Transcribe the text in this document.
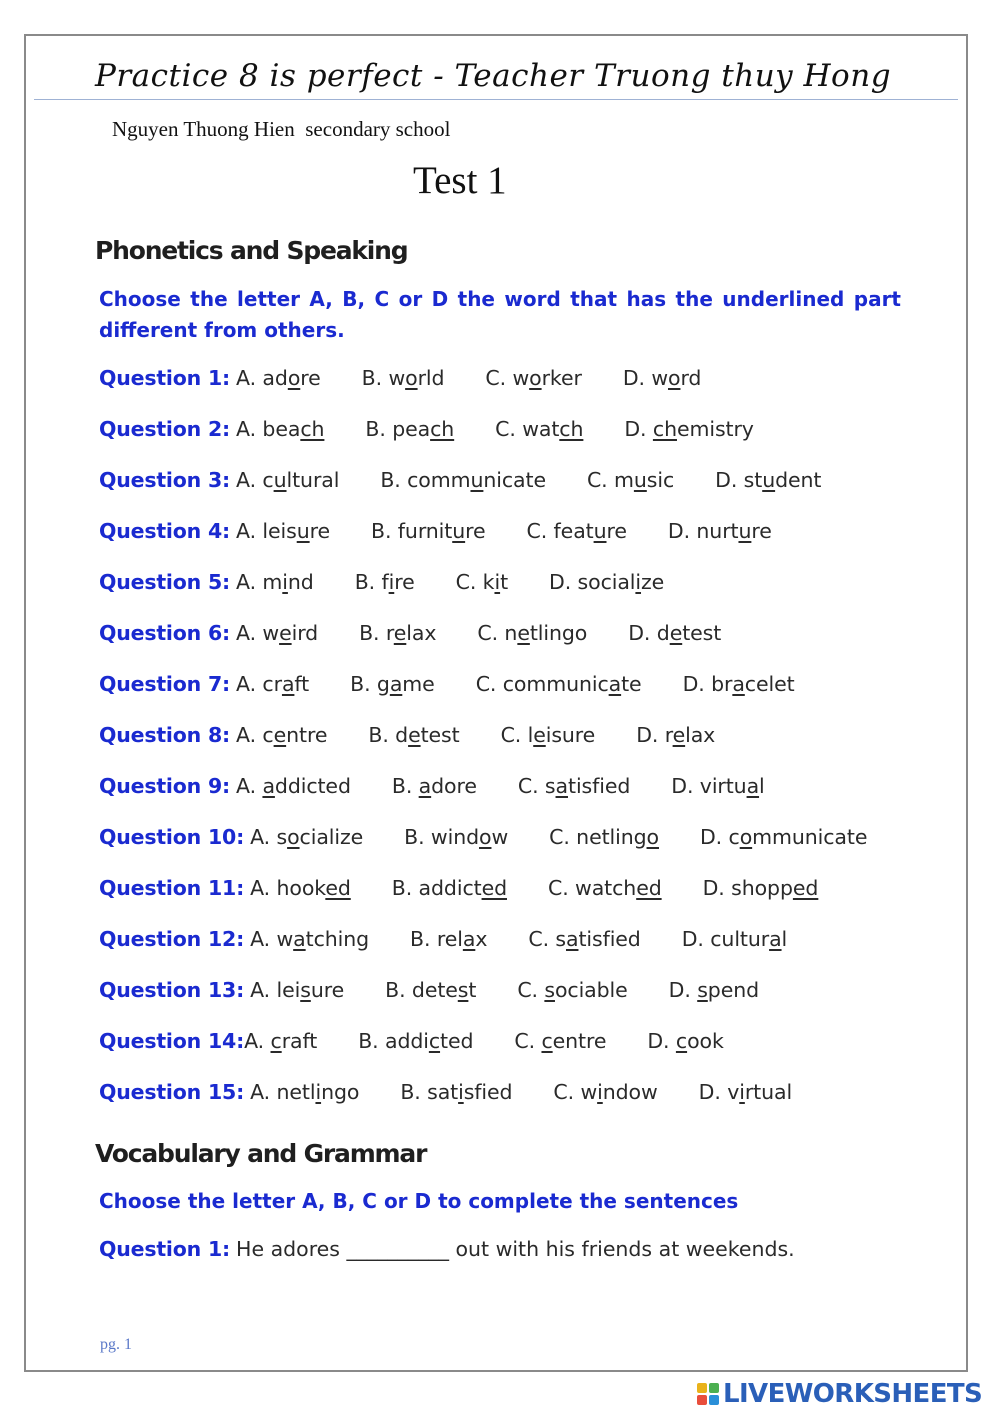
Practice 8 is perfect - Teacher Truong thuy Hong
Nguyen Thuong Hien  secondary school
Test 1
Phonetics and Speaking
Choose the letter A, B, C or D the word that has the underlined part different from others.
Question 1: A. adore B. world C. worker D. word
Question 2: A. beach B. peach C. watch D. chemistry
Question 3: A. cultural B. communicate C. music D. student
Question 4: A. leisure B. furniture C. feature D. nurture
Question 5: A. mind B. fire C. kit D. socialize
Question 6: A. weird B. relax C. netlingo D. detest
Question 7: A. craft B. game C. communicate D. bracelet
Question 8: A. centre B. detest C. leisure D. relax
Question 9: A. addicted B. adore C. satisfied D. virtual
Question 10: A. socialize B. window C. netlingo D. communicate
Question 11: A. hooked B. addicted C. watched D. shopped
Question 12: A. watching B. relax C. satisfied D. cultural
Question 13: A. leisure B. detest C. sociable D. spend
Question 14: A. craft B. addicted C. centre D. cook
Question 15: A. netlingo B. satisfied C. window D. virtual
Vocabulary and Grammar
Choose the letter A, B, C or D to complete the sentences
Question 1: He adores __________ out with his friends at weekends.
pg. 1
LIVEWORKSHEETS
